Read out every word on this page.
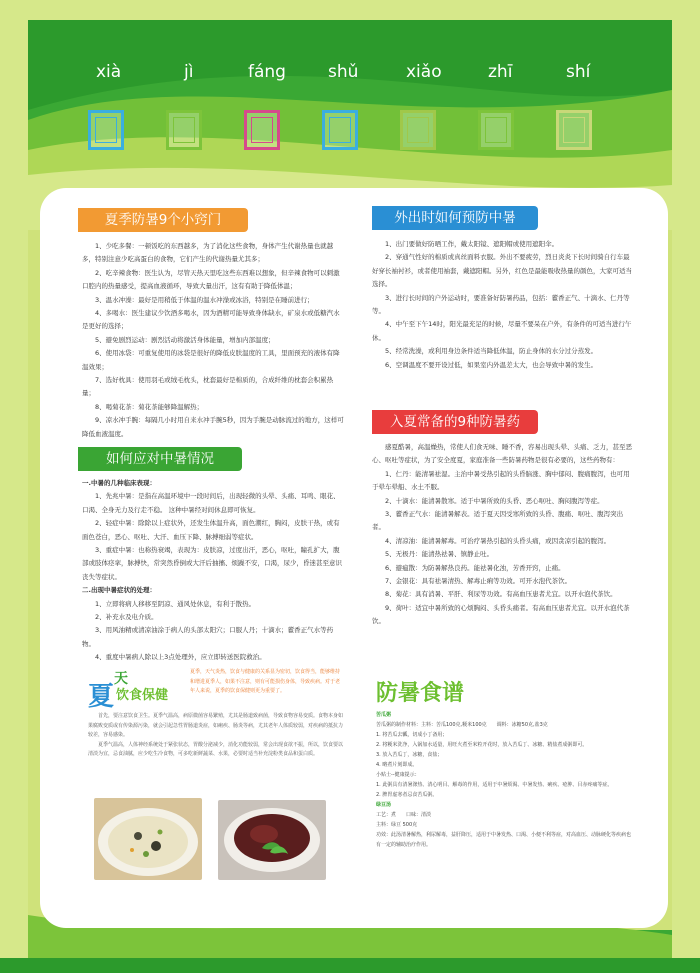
xià	jì	fáng shǔ	xiǎo	zhī	shí
夏季防暑9个小窍门

1、少吃多餐：一顿饭吃的东西越多，为了消化这些食物，身体产生代谢热量也就越多，特别注意少吃高蛋白的食物，它们产生的代谢热量尤其多；

2、吃辛辣食物：医生认为，尽管天热天里吃这些东西难以想象，但辛辣食物可以刺激口腔内的热量感受，提高血液循环，导致大量出汗，这有有助于降低体温；

3、温水冲澡：最好是用稍低于体温的温水冲澡或冰浴，特别是在睡前进行；

4、多喝水：医生建议少饮酒多喝水，因为酒精可能导致身体缺水，矿泉水或低糖汽水是更好的选择；

5、避免剧烈运动：剧烈活动将激活身体能量，增加内部温度；

6、使用冰袋：可重复使用的冰袋是很好的降低皮肤温度的工具，里面预充的液体有降温效果；

7、选好枕具：使用羽毛或绒毛枕头，枕套最好是棉质的，合成纤维的枕套会积累热量；

8、喝菊花茶：菊花茶能够降温解热；

9、凉水冲手腕：每隔几小时用自来水冲手腕5秒，因为手腕是动脉流过的地方，这样可降低血液温度。

如何应对中暑情况

一.中暑的几种临床表现：

1、先兆中暑：是指在高温环境中一段时间后，出现轻微的头晕、头痛、耳鸣、眼花、口渴、全身无力及行走不稳。 这种中暑经对间休息即可恢复。

2、轻症中暑：除除以上症状外，还发生体温升高，面色潮红，胸闷，皮肤干热，或有面色苍白，恶心、呕吐、大汗、血压下降、脉搏细弱等症状。

3、重症中暑：也称热衰竭，表现为：皮肤凉，过度出汗，恶心，呕吐，瞳孔扩大，腹部或肢体痉挛，脉搏快，常突然昏倒或大汗后抽搐、烦躁不安，口渴，尿少，昏迷甚至意识丧失等症状。

二.出现中暑症状的处理：

1、立即将病人移移至阴凉、通风处休息，有利于散热。

2、补充水及电介质。

3、用风油精或清凉油涂于病人的头部太阳穴；口服人丹；十滴水；藿香正气水等药物。

4、重度中暑病人除以上3点处理外，应立即转送医院救治。

夏
天
饮食保健
夏季，天气炎热，饮食与健康的关系显为密切，饮食得当，能够维持和增进夏季人，如果不注意，则有可能损伤身体，导致疾病。对于老年人来说，夏季的饮食保健则更为重要了。

首先，要注意饮食卫生。夏季气温高，病原微菌容易繁殖，尤其是肠道致病菌，导致食物容易变质。食物本身如果腐败变质或有传染源污染，就会引起急性胃肠道炎症，如痢疾、肠炎等病，尤其老年人体质较弱，对疾病的抵抗力较差，容易感染。

夏季气温高，人体神经系统处于紧张状态，胃酸分泌减少，消化功能较弱，常会出现食欲不振，所以，饮食要以清淡为宜，忌食油腻，应少吃生冷食物，可多吃新鲜蔬菜、水果，必要时适当补充淀粉类食品和蛋白质。

外出时如何预防中暑

1、出门要做好防晒工作，戴太阳镜、遮阳帽或使用遮阳伞。

2、穿通气性好的棉质或真丝面料衣服。外出不要疲劳，烈日炎炎下长时间骑自行车最好穿长袖衬衫，或者使用袖套，戴遮阳帽。另外，红色是最能吸收热量的颜色，大家可适当选择。

3、进行长时间的户外运动时，要准备好防暑药品，包括：藿香正气、十滴水、仁丹等等。

4、中午至下午14时，阳光最充足的时候，尽量不要呆在户外，有条件的可适当进行午休。

5、经常洗澡，或利用身边条件适当降低体温，防止身体的水分过分蒸发。

6、空调温度不要开设过低，如果室内外温差太大，也会导致中暑的发生。

入夏常备的9种防暑药

感夏酷暑，高温燥热，常使人们食无味、睡不香，容易出现头晕、头痛、乏力，甚至恶心、呕吐等症状，为了安全度夏，家庭准备一些防暑药物是很有必要的，这些药物有：

1、仁丹：能清暑祛湿。主治中暑受热引起的头昏脑涨、胸中郁闷、腹痛腹泻，也可用于晕车晕船、水土不服。

2、十滴水：能清暑散寒。适于中暑所致的头昏、恶心呕吐、胸闷腹泻等症。

3、藿香正气水：能清暑解表。适于夏天因受寒所致的头昏、腹痛、呕吐、腹泻突出者。

4、清凉油：能清暑解毒。可治疗暑热引起的头昏头痛，或因贪凉引起的腹泻。

5、无极丹：能清热祛暑、镇静止吐。

6、避瘟散：为防暑解热良药。能祛暑化浊，芳香开窍，止痛。

7、金银花：具有祛暑清热、解毒止痢等功效。可开水泡代茶饮。

8、菊花：具有消暑、平肝、利尿等功效。有高血压患者尤宜。以开水泡代茶饮。

9、荷叶：适宜中暑所致的心烦胸闷、头昏头痛者。有高血压患者尤宜。以开水泡代茶饮。

防暑食谱

苦瓜粥

苦瓜粥的制作材料：主料：苦瓜100克,粳米100克　　调料：冰糖50克,盐3克

1. 将苦瓜去瓤，切成小丁备用；

2. 将粳米洗净，入锅加水适量，用旺火煮至米粒开花时，放入苦瓜丁、冰糖、精盐煮成粥即可。

3. 放入苦瓜丁，冰糖，食盐；

4. 略煮片刻即成。

小贴士--健康提示：

1. 此粥具有清暑涤热、清心明目、解毒的作用，适用于中暑烦渴、中暑发热、痢疾、疮肿、目赤疼痛等症。

2. 脾胃虚寒者忌食苦瓜粥。

绿豆汤

工艺：煮　　口味：清淡

主料：绿豆 500克

功效：此汤清暑解热，利尿解毒，益肝降压，适用于中暑发热、口渴、小便不利等症，对高血压、动脉硬化等疾病也有一定的辅助治疗作用。
